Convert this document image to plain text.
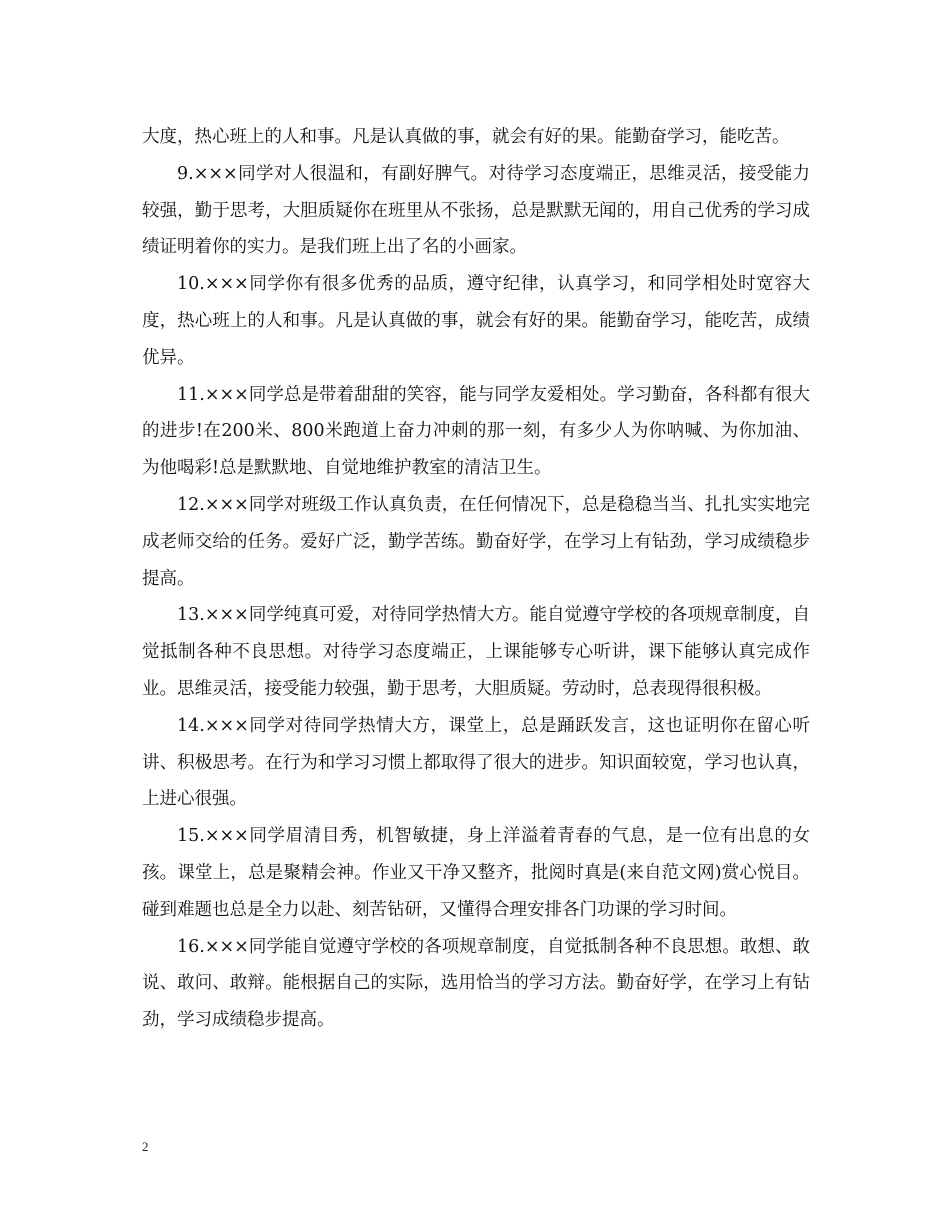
大度，热心班上的人和事。凡是认真做的事，就会有好的果。能勤奋学习，能吃苦。

9.×××同学对人很温和，有副好脾气。对待学习态度端正，思维灵活，接受能力较强，勤于思考，大胆质疑你在班里从不张扬，总是默默无闻的，用自己优秀的学习成绩证明着你的实力。是我们班上出了名的小画家。

10.×××同学你有很多优秀的品质，遵守纪律，认真学习，和同学相处时宽容大度，热心班上的人和事。凡是认真做的事，就会有好的果。能勤奋学习，能吃苦，成绩优异。

11.×××同学总是带着甜甜的笑容，能与同学友爱相处。学习勤奋，各科都有很大的进步!在200米、800米跑道上奋力冲刺的那一刻，有多少人为你呐喊、为你加油、为他喝彩!总是默默地、自觉地维护教室的清洁卫生。

12.×××同学对班级工作认真负责，在任何情况下，总是稳稳当当、扎扎实实地完成老师交给的任务。爱好广泛，勤学苦练。勤奋好学，在学习上有钻劲，学习成绩稳步提高。

13.×××同学纯真可爱，对待同学热情大方。能自觉遵守学校的各项规章制度，自觉抵制各种不良思想。对待学习态度端正，上课能够专心听讲，课下能够认真完成作业。思维灵活，接受能力较强，勤于思考，大胆质疑。劳动时，总表现得很积极。

14.×××同学对待同学热情大方，课堂上，总是踊跃发言，这也证明你在留心听讲、积极思考。在行为和学习习惯上都取得了很大的进步。知识面较宽，学习也认真，上进心很强。

15.×××同学眉清目秀，机智敏捷，身上洋溢着青春的气息，是一位有出息的女孩。课堂上，总是聚精会神。作业又干净又整齐，批阅时真是(来自范文网)赏心悦目。碰到难题也总是全力以赴、刻苦钻研，又懂得合理安排各门功课的学习时间。

16.×××同学能自觉遵守学校的各项规章制度，自觉抵制各种不良思想。敢想、敢说、敢问、敢辩。能根据自己的实际，选用恰当的学习方法。勤奋好学，在学习上有钻劲，学习成绩稳步提高。

2
